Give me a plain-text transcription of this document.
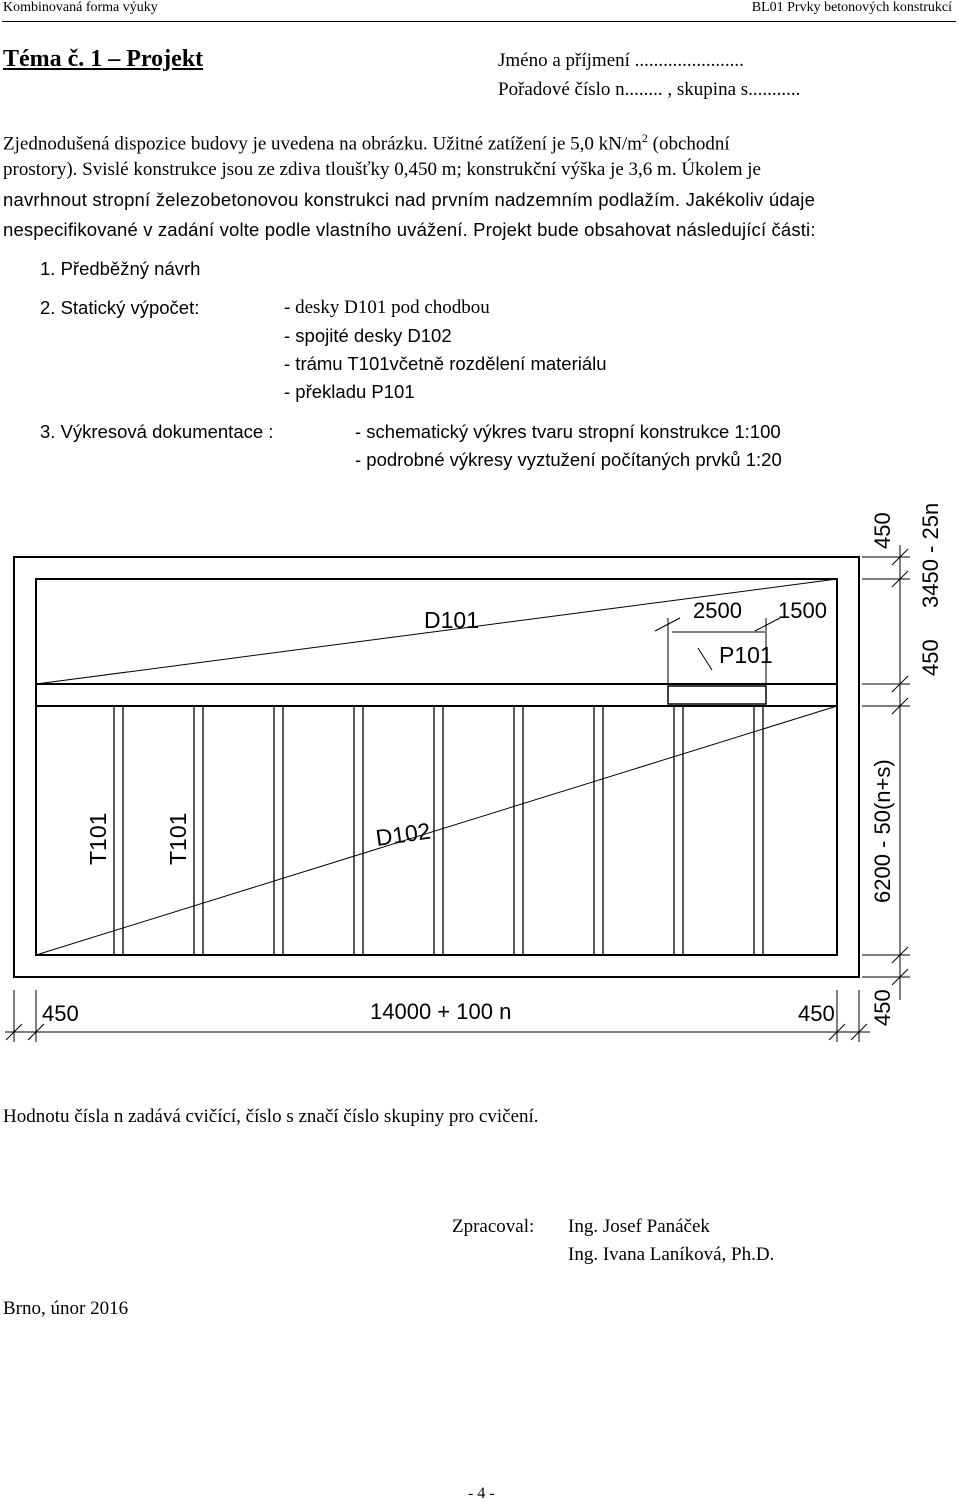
Kombinovaná forma výuky	BL01 Prvky betonových konstrukcí
Téma č. 1 – Projekt	Jméno a příjmení .......................
Pořadové číslo n........ , skupina s...........
Zjednodušená dispozice budovy je uvedena na obrázku. Užitné zatížení je 5,0 $kN/m^2$ (obchodní
prostory). Svislé konstrukce jsou ze zdiva tloušťky 0,450 m; konstrukční výška je 3,6 m. Úkolem je
navrhnout stropní železobetonovou konstrukci nad prvním nadzemním podlažím. Jakékoliv údaje
nespecifikované v zadání volte podle vlastního uvážení. Projekt bude obsahovat následující části:
1. Předběžný návrh
2. Statický výpočet:	- desky D101 pod chodbou
- spojité desky D102
- trámu T101včetně rozdělení materiálu
- překladu P101
3. Výkresová dokumentace :	- schematický výkres tvaru stropní konstrukce 1:100
- podrobné výkresy vyztužení počítaných prvků 1:20
D101
P101
D102
T101 T101
2500 1500
450	14000 + 100 n	450
450 3450 - 25n
450
6200 - 50(n+s)
450
Hodnotu čísla n zadává cvičící, číslo s značí číslo skupiny pro cvičení.
Zpracoval: Ing. Josef Panáček
Ing. Ivana Laníková, Ph.D.
Brno, únor 2016
- 4 -
